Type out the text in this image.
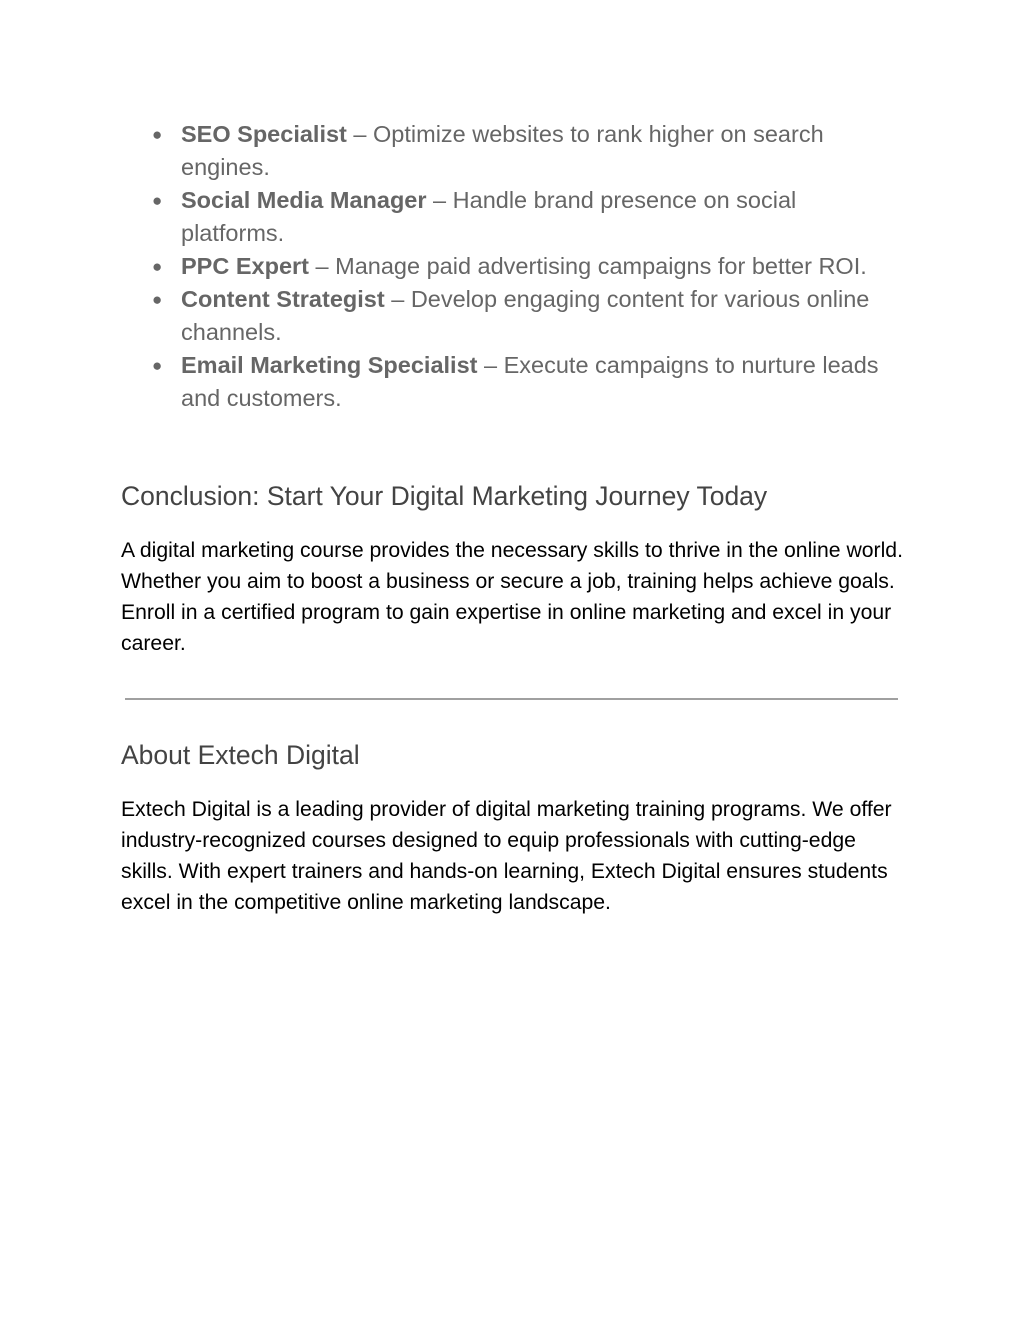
● SEO Specialist – Optimize websites to rank higher on search engines.
● Social Media Manager – Handle brand presence on social platforms.
● PPC Expert – Manage paid advertising campaigns for better ROI.
● Content Strategist – Develop engaging content for various online channels.
● Email Marketing Specialist – Execute campaigns to nurture leads and customers.
Conclusion: Start Your Digital Marketing Journey Today

A digital marketing course provides the necessary skills to thrive in the online world. Whether you aim to boost a business or secure a job, training helps achieve goals. Enroll in a certified program to gain expertise in online marketing and excel in your career.

About Extech Digital

Extech Digital is a leading provider of digital marketing training programs. We offer industry-recognized courses designed to equip professionals with cutting-edge skills. With expert trainers and hands-on learning, Extech Digital ensures students excel in the competitive online marketing landscape.
